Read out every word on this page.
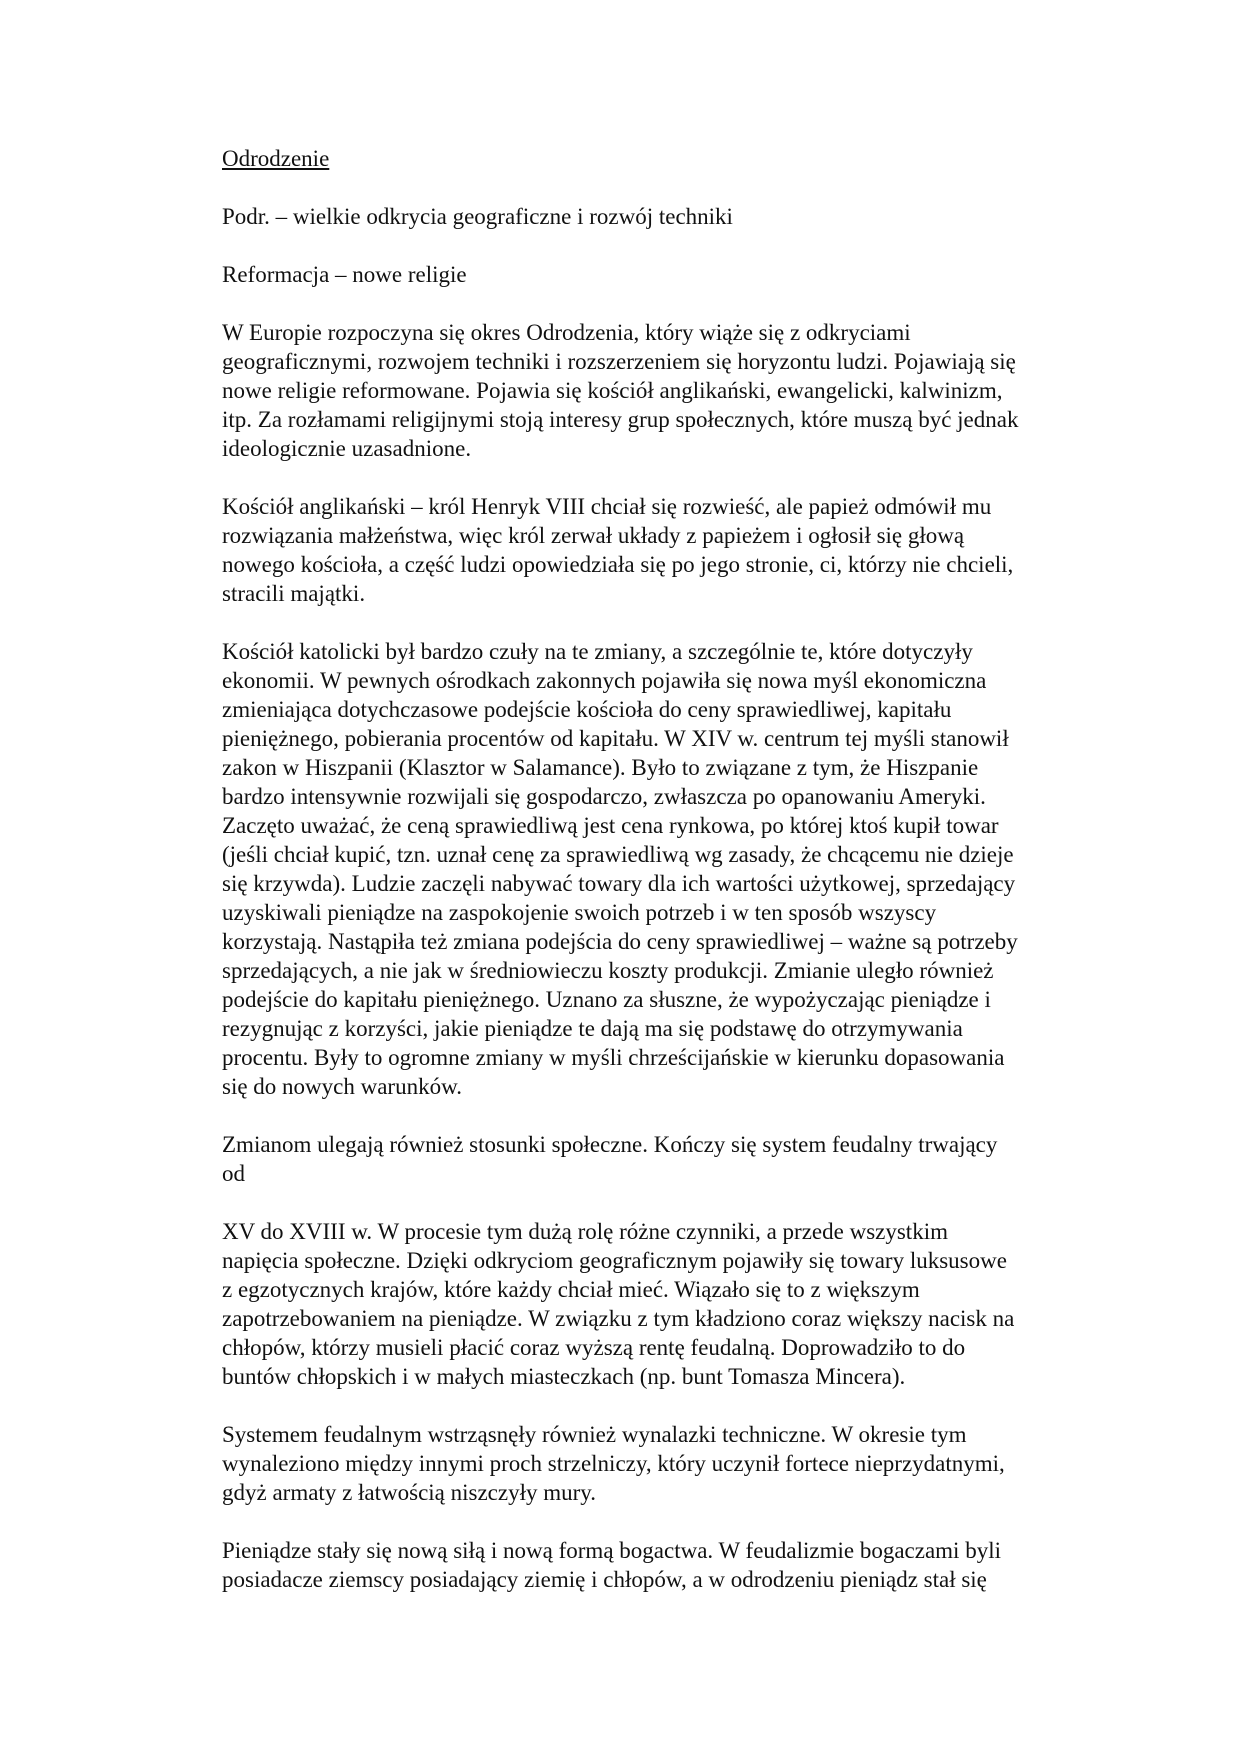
Odrodzenie
Podr. – wielkie odkrycia geograficzne i rozwój techniki
Reformacja – nowe religie
W Europie rozpoczyna się okres Odrodzenia, który wiąże się z odkryciami
geograficznymi, rozwojem techniki i rozszerzeniem się horyzontu ludzi. Pojawiają się
nowe religie reformowane. Pojawia się kościół anglikański, ewangelicki, kalwinizm,
itp. Za rozłamami religijnymi stoją interesy grup społecznych, które muszą być jednak
ideologicznie uzasadnione.
Kościół anglikański – król Henryk VIII chciał się rozwieść, ale papież odmówił mu
rozwiązania małżeństwa, więc król zerwał układy z papieżem i ogłosił się głową
nowego kościoła, a część ludzi opowiedziała się po jego stronie, ci, którzy nie chcieli,
stracili majątki.
Kościół katolicki był bardzo czuły na te zmiany, a szczególnie te, które dotyczyły
ekonomii. W pewnych ośrodkach zakonnych pojawiła się nowa myśl ekonomiczna
zmieniająca dotychczasowe podejście kościoła do ceny sprawiedliwej, kapitału
pieniężnego, pobierania procentów od kapitału. W XIV w. centrum tej myśli stanowił
zakon w Hiszpanii (Klasztor w Salamance). Było to związane z tym, że Hiszpanie
bardzo intensywnie rozwijali się gospodarczo, zwłaszcza po opanowaniu Ameryki.
Zaczęto uważać, że ceną sprawiedliwą jest cena rynkowa, po której ktoś kupił towar
(jeśli chciał kupić, tzn. uznał cenę za sprawiedliwą wg zasady, że chcącemu nie dzieje
się krzywda). Ludzie zaczęli nabywać towary dla ich wartości użytkowej, sprzedający
uzyskiwali pieniądze na zaspokojenie swoich potrzeb i w ten sposób wszyscy
korzystają. Nastąpiła też zmiana podejścia do ceny sprawiedliwej – ważne są potrzeby
sprzedających, a nie jak w średniowieczu koszty produkcji. Zmianie uległo również
podejście do kapitału pieniężnego. Uznano za słuszne, że wypożyczając pieniądze i
rezygnując z korzyści, jakie pieniądze te dają ma się podstawę do otrzymywania
procentu. Były to ogromne zmiany w myśli chrześcijańskie w kierunku dopasowania
się do nowych warunków.
Zmianom ulegają również stosunki społeczne. Kończy się system feudalny trwający
od
XV do XVIII w. W procesie tym dużą rolę różne czynniki, a przede wszystkim
napięcia społeczne. Dzięki odkryciom geograficznym pojawiły się towary luksusowe
z egzotycznych krajów, które każdy chciał mieć. Wiązało się to z większym
zapotrzebowaniem na pieniądze. W związku z tym kładziono coraz większy nacisk na
chłopów, którzy musieli płacić coraz wyższą rentę feudalną. Doprowadziło to do
buntów chłopskich i w małych miasteczkach (np. bunt Tomasza Mincera).
Systemem feudalnym wstrząsnęły również wynalazki techniczne. W okresie tym
wynaleziono między innymi proch strzelniczy, który uczynił fortece nieprzydatnymi,
gdyż armaty z łatwością niszczyły mury.
Pieniądze stały się nową siłą i nową formą bogactwa. W feudalizmie bogaczami byli
posiadacze ziemscy posiadający ziemię i chłopów, a w odrodzeniu pieniądz stał się
